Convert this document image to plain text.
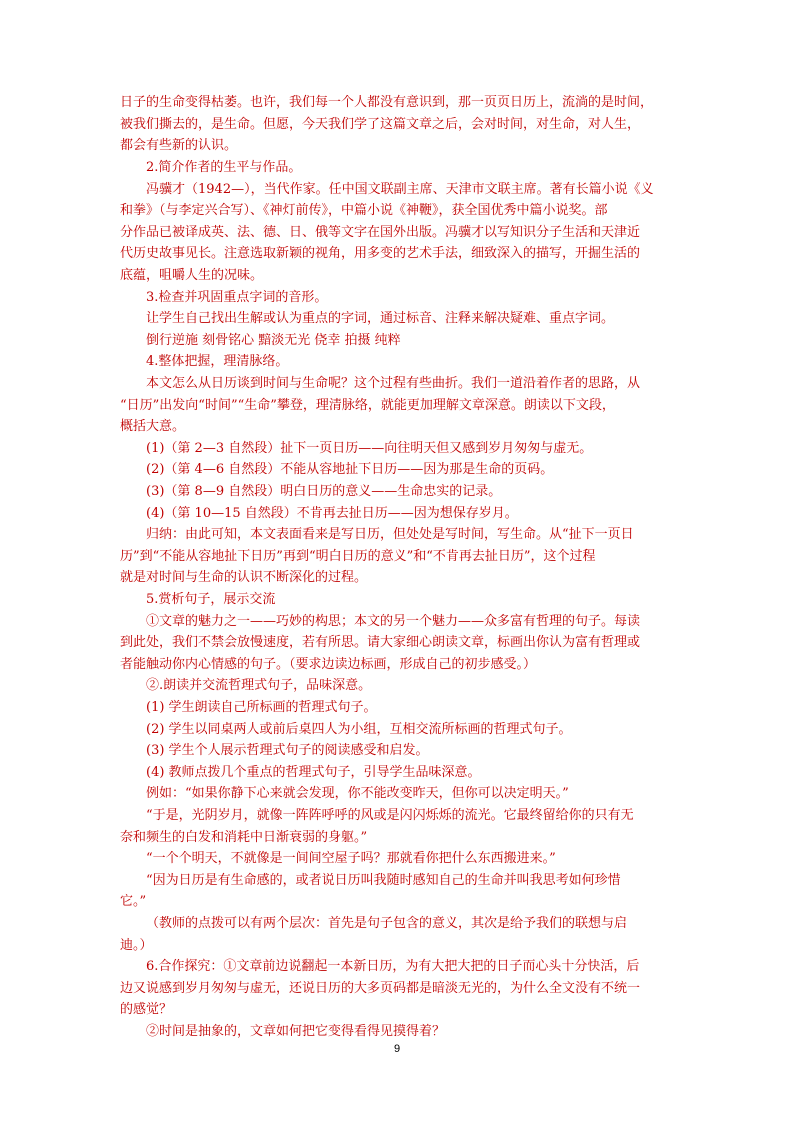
日子的生命变得枯萎。也许，我们每一个人都没有意识到，那一页页日历上，流淌的是时间，
被我们撕去的，是生命。但愿，今天我们学了这篇文章之后，会对时间，对生命，对人生，
都会有些新的认识。
2.简介作者的生平与作品。
冯骥才（1942—），当代作家。任中国文联副主席、天津市文联主席。著有长篇小说《义
和拳》（与李定兴合写）、《神灯前传》，中篇小说《神鞭》，获全国优秀中篇小说奖。部
分作品已被译成英、法、德、日、俄等文字在国外出版。冯骥才以写知识分子生活和天津近
代历史故事见长。注意选取新颖的视角，用多变的艺术手法，细致深入的描写，开掘生活的
底蕴，咀嚼人生的况味。
3.检查并巩固重点字词的音形。
让学生自己找出生解或认为重点的字词，通过标音、注释来解决疑难、重点字词。
倒行逆施 刻骨铭心 黯淡无光 侥幸 拍摄 纯粹
4.整体把握，理清脉络。
本文怎么从日历谈到时间与生命呢？这个过程有些曲折。我们一道沿着作者的思路，从
“日历”出发向“时间”“生命”攀登，理清脉络，就能更加理解文章深意。朗读以下文段，
概括大意。
(1)（第 2—3 自然段）扯下一页日历——向往明天但又感到岁月匆匆与虚无。
(2)（第 4—6 自然段）不能从容地扯下日历——因为那是生命的页码。
(3)（第 8—9 自然段）明白日历的意义——生命忠实的记录。
(4)（第 10—15 自然段）不肯再去扯日历——因为想保存岁月。
归纳：由此可知，本文表面看来是写日历，但处处是写时间，写生命。从“扯下一页日
历”到“不能从容地扯下日历”再到“明白日历的意义”和“不肯再去扯日历”，这个过程
就是对时间与生命的认识不断深化的过程。
5.赏析句子，展示交流
①文章的魅力之一——巧妙的构思；本文的另一个魅力——众多富有哲理的句子。每读
到此处，我们不禁会放慢速度，若有所思。请大家细心朗读文章，标画出你认为富有哲理或
者能触动你内心情感的句子。（要求边读边标画，形成自己的初步感受。）
②.朗读并交流哲理式句子，品味深意。
(1) 学生朗读自己所标画的哲理式句子。
(2) 学生以同桌两人或前后桌四人为小组，互相交流所标画的哲理式句子。
(3) 学生个人展示哲理式句子的阅读感受和启发。
(4) 教师点拨几个重点的哲理式句子，引导学生品味深意。
例如：“如果你静下心来就会发现，你不能改变昨天，但你可以决定明天。”
“于是，光阴岁月，就像一阵阵呼呼的风或是闪闪烁烁的流光。它最终留给你的只有无
奈和频生的白发和消耗中日渐衰弱的身躯。”
“一个个明天，不就像是一间间空屋子吗？那就看你把什么东西搬进来。”
“因为日历是有生命感的，或者说日历叫我随时感知自己的生命并叫我思考如何珍惜
它。”
（教师的点拨可以有两个层次：首先是句子包含的意义，其次是给予我们的联想与启
迪。）
6.合作探究：①文章前边说翻起一本新日历，为有大把大把的日子而心头十分快活，后
边又说感到岁月匆匆与虚无，还说日历的大多页码都是暗淡无光的，为什么全文没有不统一
的感觉？
②时间是抽象的，文章如何把它变得看得见摸得着？
9
